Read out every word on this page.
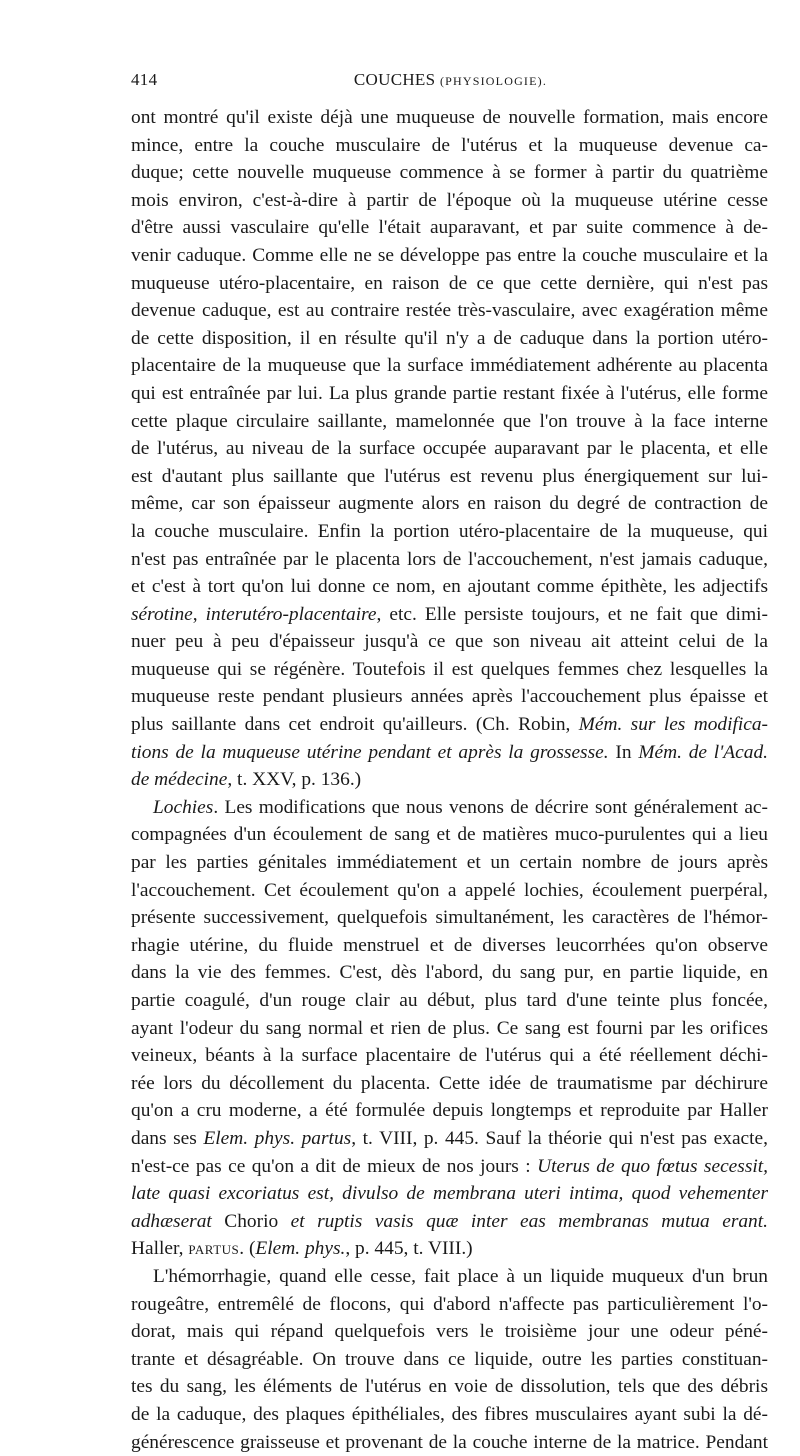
414	COUCHES (PHYSIOLOGIE).
ont montré qu'il existe déjà une muqueuse de nouvelle formation, mais encore
mince, entre la couche musculaire de l'utérus et la muqueuse devenue ca-
duque; cette nouvelle muqueuse commence à se former à partir du quatrième
mois environ, c'est-à-dire à partir de l'époque où la muqueuse utérine cesse
d'être aussi vasculaire qu'elle l'était auparavant, et par suite commence à de-
venir caduque. Comme elle ne se développe pas entre la couche musculaire et la
muqueuse utéro-placentaire, en raison de ce que cette dernière, qui n'est pas
devenue caduque, est au contraire restée très-vasculaire, avec exagération même
de cette disposition, il en résulte qu'il n'y a de caduque dans la portion utéro-
placentaire de la muqueuse que la surface immédiatement adhérente au placenta
qui est entraînée par lui. La plus grande partie restant fixée à l'utérus, elle forme
cette plaque circulaire saillante, mamelonnée que l'on trouve à la face interne
de l'utérus, au niveau de la surface occupée auparavant par le placenta, et elle
est d'autant plus saillante que l'utérus est revenu plus énergiquement sur lui-
même, car son épaisseur augmente alors en raison du degré de contraction de
la couche musculaire. Enfin la portion utéro-placentaire de la muqueuse, qui
n'est pas entraînée par le placenta lors de l'accouchement, n'est jamais caduque,
et c'est à tort qu'on lui donne ce nom, en ajoutant comme épithète, les adjectifs
sérotine, interutéro-placentaire, etc. Elle persiste toujours, et ne fait que dimi-
nuer peu à peu d'épaisseur jusqu'à ce que son niveau ait atteint celui de la
muqueuse qui se régénère. Toutefois il est quelques femmes chez lesquelles la
muqueuse reste pendant plusieurs années après l'accouchement plus épaisse et
plus saillante dans cet endroit qu'ailleurs. (Ch. Robin, Mém. sur les modifica-
tions de la muqueuse utérine pendant et après la grossesse. In Mém. de l'Acad.
de médecine, t. XXV, p. 136.)
Lochies. Les modifications que nous venons de décrire sont généralement ac-
compagnées d'un écoulement de sang et de matières muco-purulentes qui a lieu
par les parties génitales immédiatement et un certain nombre de jours après
l'accouchement. Cet écoulement qu'on a appelé lochies, écoulement puerpéral,
présente successivement, quelquefois simultanément, les caractères de l'hémor-
rhagie utérine, du fluide menstruel et de diverses leucorrhées qu'on observe
dans la vie des femmes. C'est, dès l'abord, du sang pur, en partie liquide, en
partie coagulé, d'un rouge clair au début, plus tard d'une teinte plus foncée,
ayant l'odeur du sang normal et rien de plus. Ce sang est fourni par les orifices
veineux, béants à la surface placentaire de l'utérus qui a été réellement déchi-
rée lors du décollement du placenta. Cette idée de traumatisme par déchirure
qu'on a cru moderne, a été formulée depuis longtemps et reproduite par Haller
dans ses Elem. phys. partus, t. VIII, p. 445. Sauf la théorie qui n'est pas exacte,
n'est-ce pas ce qu'on a dit de mieux de nos jours : Uterus de quo fœtus secessit,
late quasi excoriatus est, divulso de membrana uteri intima, quod vehementer
adhæserat Chorio et ruptis vasis quæ inter eas membranas mutua erant.
Haller, PARTUS. (Elem. phys., p. 445, t. VIII.)
L'hémorrhagie, quand elle cesse, fait place à un liquide muqueux d'un brun
rougeâtre, entremêlé de flocons, qui d'abord n'affecte pas particulièrement l'o-
dorat, mais qui répand quelquefois vers le troisième jour une odeur péné-
trante et désagréable. On trouve dans ce liquide, outre les parties constituan-
tes du sang, les éléments de l'utérus en voie de dissolution, tels que des débris
de la caduque, des plaques épithéliales, des fibres musculaires ayant subi la dé-
générescence graisseuse et provenant de la couche interne de la matrice. Pendant
